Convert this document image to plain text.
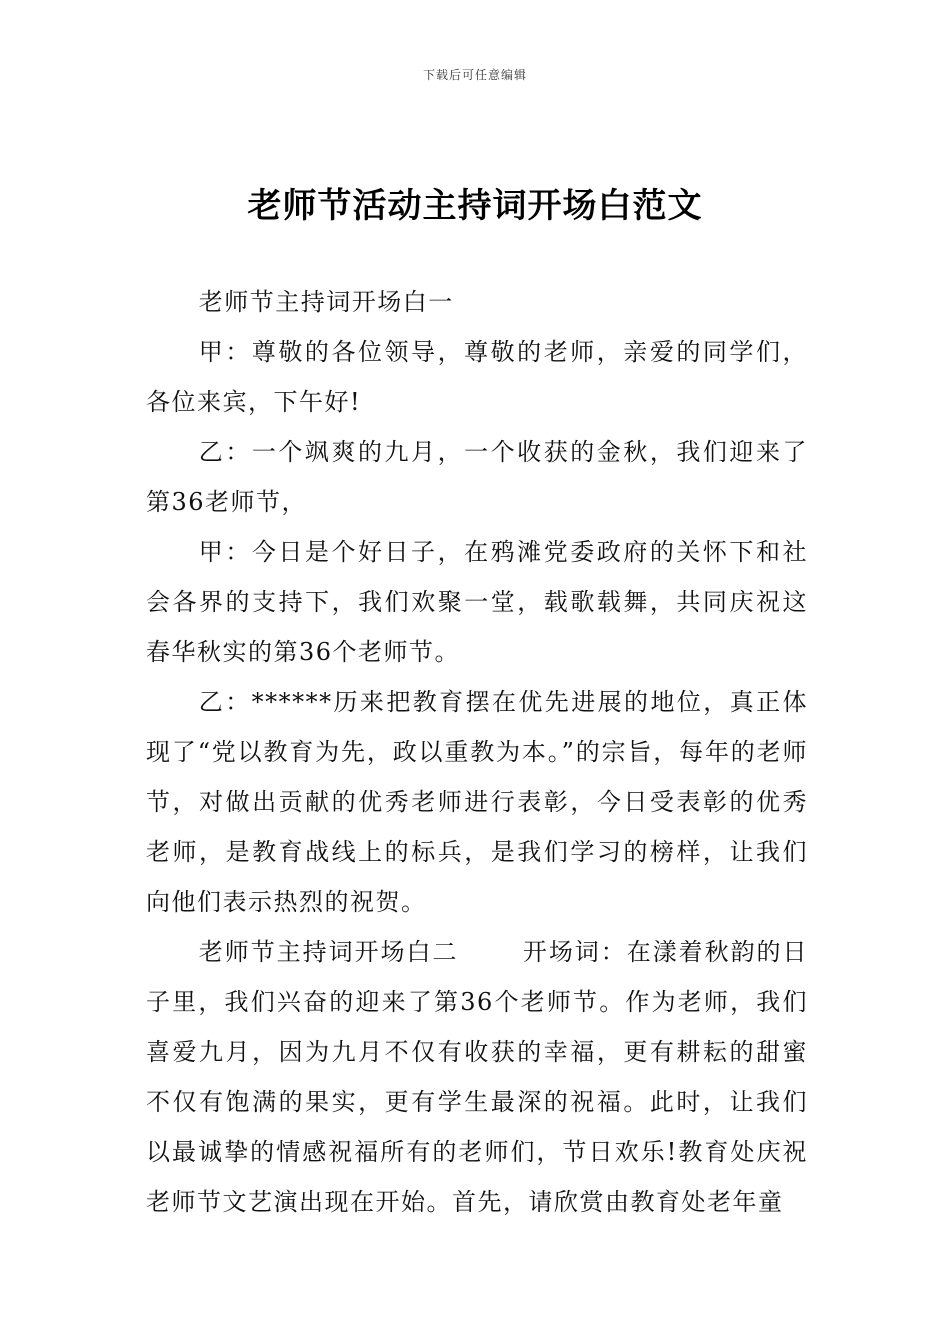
下载后可任意编辑
老师节活动主持词开场白范文

老师节主持词开场白一

甲：尊敬的各位领导，尊敬的老师，亲爱的同学们，各位来宾，下午好!

乙：一个飒爽的九月，一个收获的金秋，我们迎来了第36老师节，

甲：今日是个好日子，在鸦滩党委政府的关怀下和社会各界的支持下，我们欢聚一堂，载歌载舞，共同庆祝这春华秋实的第36个老师节。

乙：******历来把教育摆在优先进展的地位，真正体现了“党以教育为先，政以重教为本。”的宗旨，每年的老师节，对做出贡献的优秀老师进行表彰，今日受表彰的优秀老师，是教育战线上的标兵，是我们学习的榜样，让我们向他们表示热烈的祝贺。

老师节主持词开场白二	开场词：在漾着秋韵的日子里，我们兴奋的迎来了第36个老师节。作为老师，我们喜爱九月，因为九月不仅有收获的幸福，更有耕耘的甜蜜不仅有饱满的果实，更有学生最深的祝福。此时，让我们以最诚挚的情感祝福所有的老师们，节日欢乐!教育处庆祝老师节文艺演出现在开始。首先，请欣赏由教育处老年童
